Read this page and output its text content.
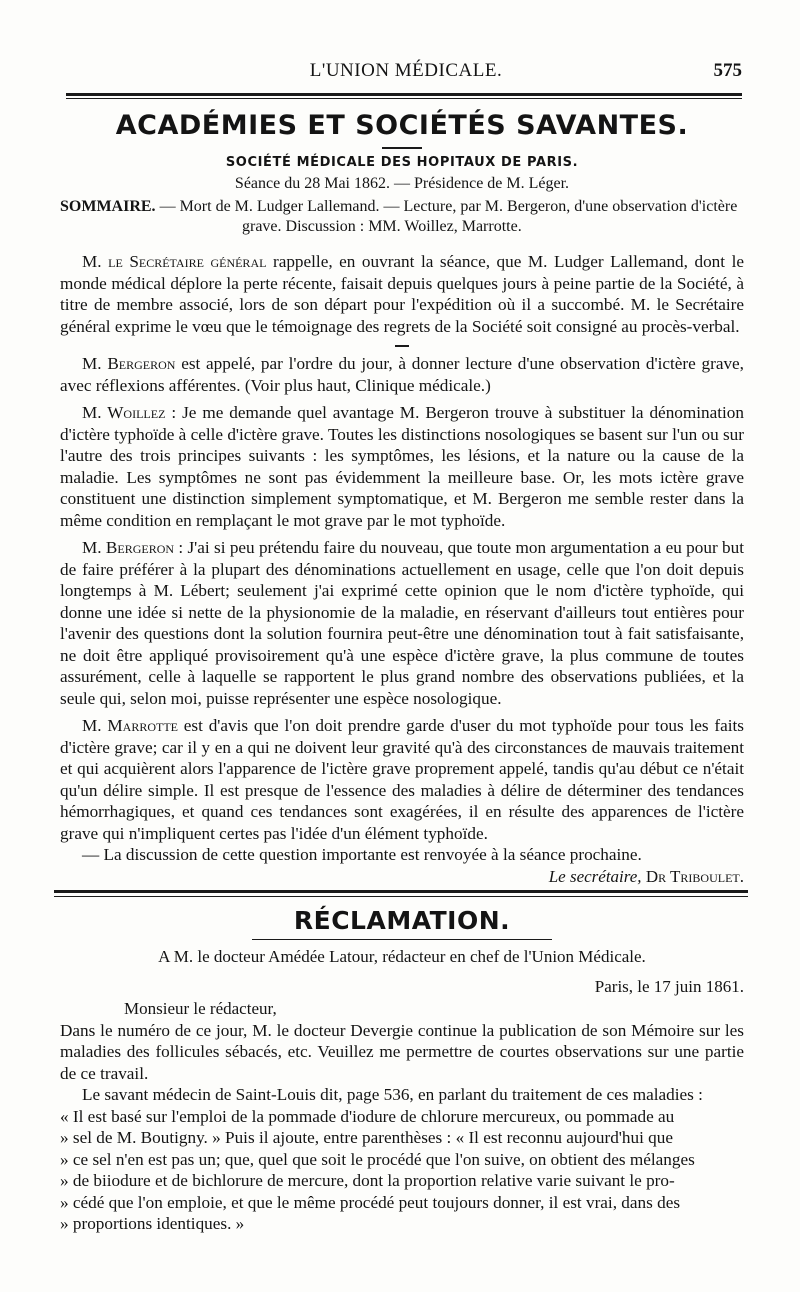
L'UNION MÉDICALE.	575
ACADÉMIES ET SOCIÉTÉS SAVANTES.
SOCIÉTÉ MÉDICALE DES HOPITAUX DE PARIS.
Séance du 28 Mai 1862. — Présidence de M. Léger.
SOMMAIRE. — Mort de M. Ludger Lallemand. — Lecture, par M. Bergeron, d'une observation d'ictère
grave. Discussion : MM. Woillez, Marrotte.

M. le Secrétaire général rappelle, en ouvrant la séance, que M. Ludger Lallemand, dont le monde médical déplore la perte récente, faisait depuis quelques jours à peine partie de la Société, à titre de membre associé, lors de son départ pour l'expédition où il a succombé. M. le Secrétaire général exprime le vœu que le témoignage des regrets de la Société soit consigné au procès-verbal.

M. Bergeron est appelé, par l'ordre du jour, à donner lecture d'une observation d'ictère grave, avec réflexions afférentes. (Voir plus haut, Clinique médicale.)

M. Woillez : Je me demande quel avantage M. Bergeron trouve à substituer la dénomination d'ictère typhoïde à celle d'ictère grave. Toutes les distinctions nosologiques se basent sur l'un ou sur l'autre des trois principes suivants : les symptômes, les lésions, et la nature ou la cause de la maladie. Les symptômes ne sont pas évidemment la meilleure base. Or, les mots ictère grave constituent une distinction simplement symptomatique, et M. Bergeron me semble rester dans la même condition en remplaçant le mot grave par le mot typhoïde.

M. Bergeron : J'ai si peu prétendu faire du nouveau, que toute mon argumentation a eu pour but de faire préférer à la plupart des dénominations actuellement en usage, celle que l'on doit depuis longtemps à M. Lébert; seulement j'ai exprimé cette opinion que le nom d'ictère typhoïde, qui donne une idée si nette de la physionomie de la maladie, en réservant d'ailleurs tout entières pour l'avenir des questions dont la solution fournira peut-être une dénomination tout à fait satisfaisante, ne doit être appliqué provisoirement qu'à une espèce d'ictère grave, la plus commune de toutes assurément, celle à laquelle se rapportent le plus grand nombre des observations publiées, et la seule qui, selon moi, puisse représenter une espèce nosologique.

M. Marrotte est d'avis que l'on doit prendre garde d'user du mot typhoïde pour tous les faits d'ictère grave; car il y en a qui ne doivent leur gravité qu'à des circonstances de mauvais traitement et qui acquièrent alors l'apparence de l'ictère grave proprement appelé, tandis qu'au début ce n'était qu'un délire simple. Il est presque de l'essence des maladies à délire de déterminer des tendances hémorrhagiques, et quand ces tendances sont exagérées, il en résulte des apparences de l'ictère grave qui n'impliquent certes pas l'idée d'un élément typhoïde.

— La discussion de cette question importante est renvoyée à la séance prochaine.

Le secrétaire, Dr Triboulet.
RÉCLAMATION.
A M. le docteur Amédée Latour, rédacteur en chef de l'Union Médicale.
Paris, le 17 juin 1861.
Monsieur le rédacteur,

Dans le numéro de ce jour, M. le docteur Devergie continue la publication de son Mémoire sur les maladies des follicules sébacés, etc. Veuillez me permettre de courtes observations sur une partie de ce travail.

Le savant médecin de Saint-Louis dit, page 536, en parlant du traitement de ces maladies :

« Il est basé sur l'emploi de la pommade d'iodure de chlorure mercureux, ou pommade au
» sel de M. Boutigny. » Puis il ajoute, entre parenthèses : « Il est reconnu aujourd'hui que
» ce sel n'en est pas un; que, quel que soit le procédé que l'on suive, on obtient des mélanges
» de biiodure et de bichlorure de mercure, dont la proportion relative varie suivant le pro-
» cédé que l'on emploie, et que le même procédé peut toujours donner, il est vrai, dans des
» proportions identiques. »
